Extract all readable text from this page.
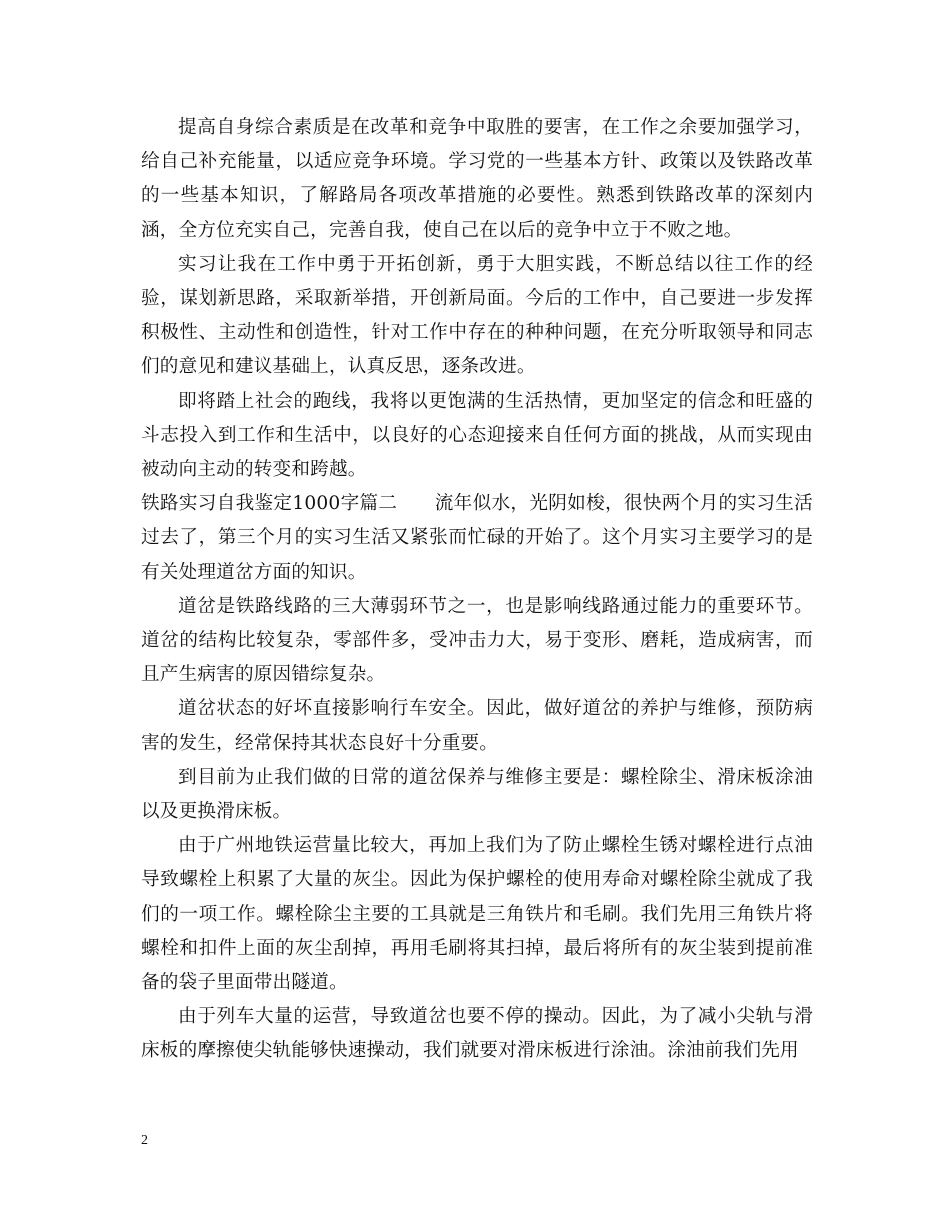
提高自身综合素质是在改革和竞争中取胜的要害，在工作之余要加强学习，给自己补充能量，以适应竞争环境。学习党的一些基本方针、政策以及铁路改革的一些基本知识，了解路局各项改革措施的必要性。熟悉到铁路改革的深刻内涵，全方位充实自己，完善自我，使自己在以后的竞争中立于不败之地。

实习让我在工作中勇于开拓创新，勇于大胆实践，不断总结以往工作的经验，谋划新思路，采取新举措，开创新局面。今后的工作中，自己要进一步发挥积极性、主动性和创造性，针对工作中存在的种种问题，在充分听取领导和同志们的意见和建议基础上，认真反思，逐条改进。

即将踏上社会的跑线，我将以更饱满的生活热情，更加坚定的信念和旺盛的斗志投入到工作和生活中，以良好的心态迎接来自任何方面的挑战，从而实现由被动向主动的转变和跨越。

铁路实习自我鉴定1000字篇二 流年似水，光阴如梭，很快两个月的实习生活过去了，第三个月的实习生活又紧张而忙碌的开始了。这个月实习主要学习的是有关处理道岔方面的知识。

道岔是铁路线路的三大薄弱环节之一，也是影响线路通过能力的重要环节。道岔的结构比较复杂，零部件多，受冲击力大，易于变形、磨耗，造成病害，而且产生病害的原因错综复杂。

道岔状态的好坏直接影响行车安全。因此，做好道岔的养护与维修，预防病害的发生，经常保持其状态良好十分重要。

到目前为止我们做的日常的道岔保养与维修主要是：螺栓除尘、滑床板涂油以及更换滑床板。

由于广州地铁运营量比较大，再加上我们为了防止螺栓生锈对螺栓进行点油导致螺栓上积累了大量的灰尘。因此为保护螺栓的使用寿命对螺栓除尘就成了我们的一项工作。螺栓除尘主要的工具就是三角铁片和毛刷。我们先用三角铁片将螺栓和扣件上面的灰尘刮掉，再用毛刷将其扫掉，最后将所有的灰尘装到提前准备的袋子里面带出隧道。

由于列车大量的运营，导致道岔也要不停的操动。因此，为了减小尖轨与滑床板的摩擦使尖轨能够快速操动，我们就要对滑床板进行涂油。涂油前我们先用

2
